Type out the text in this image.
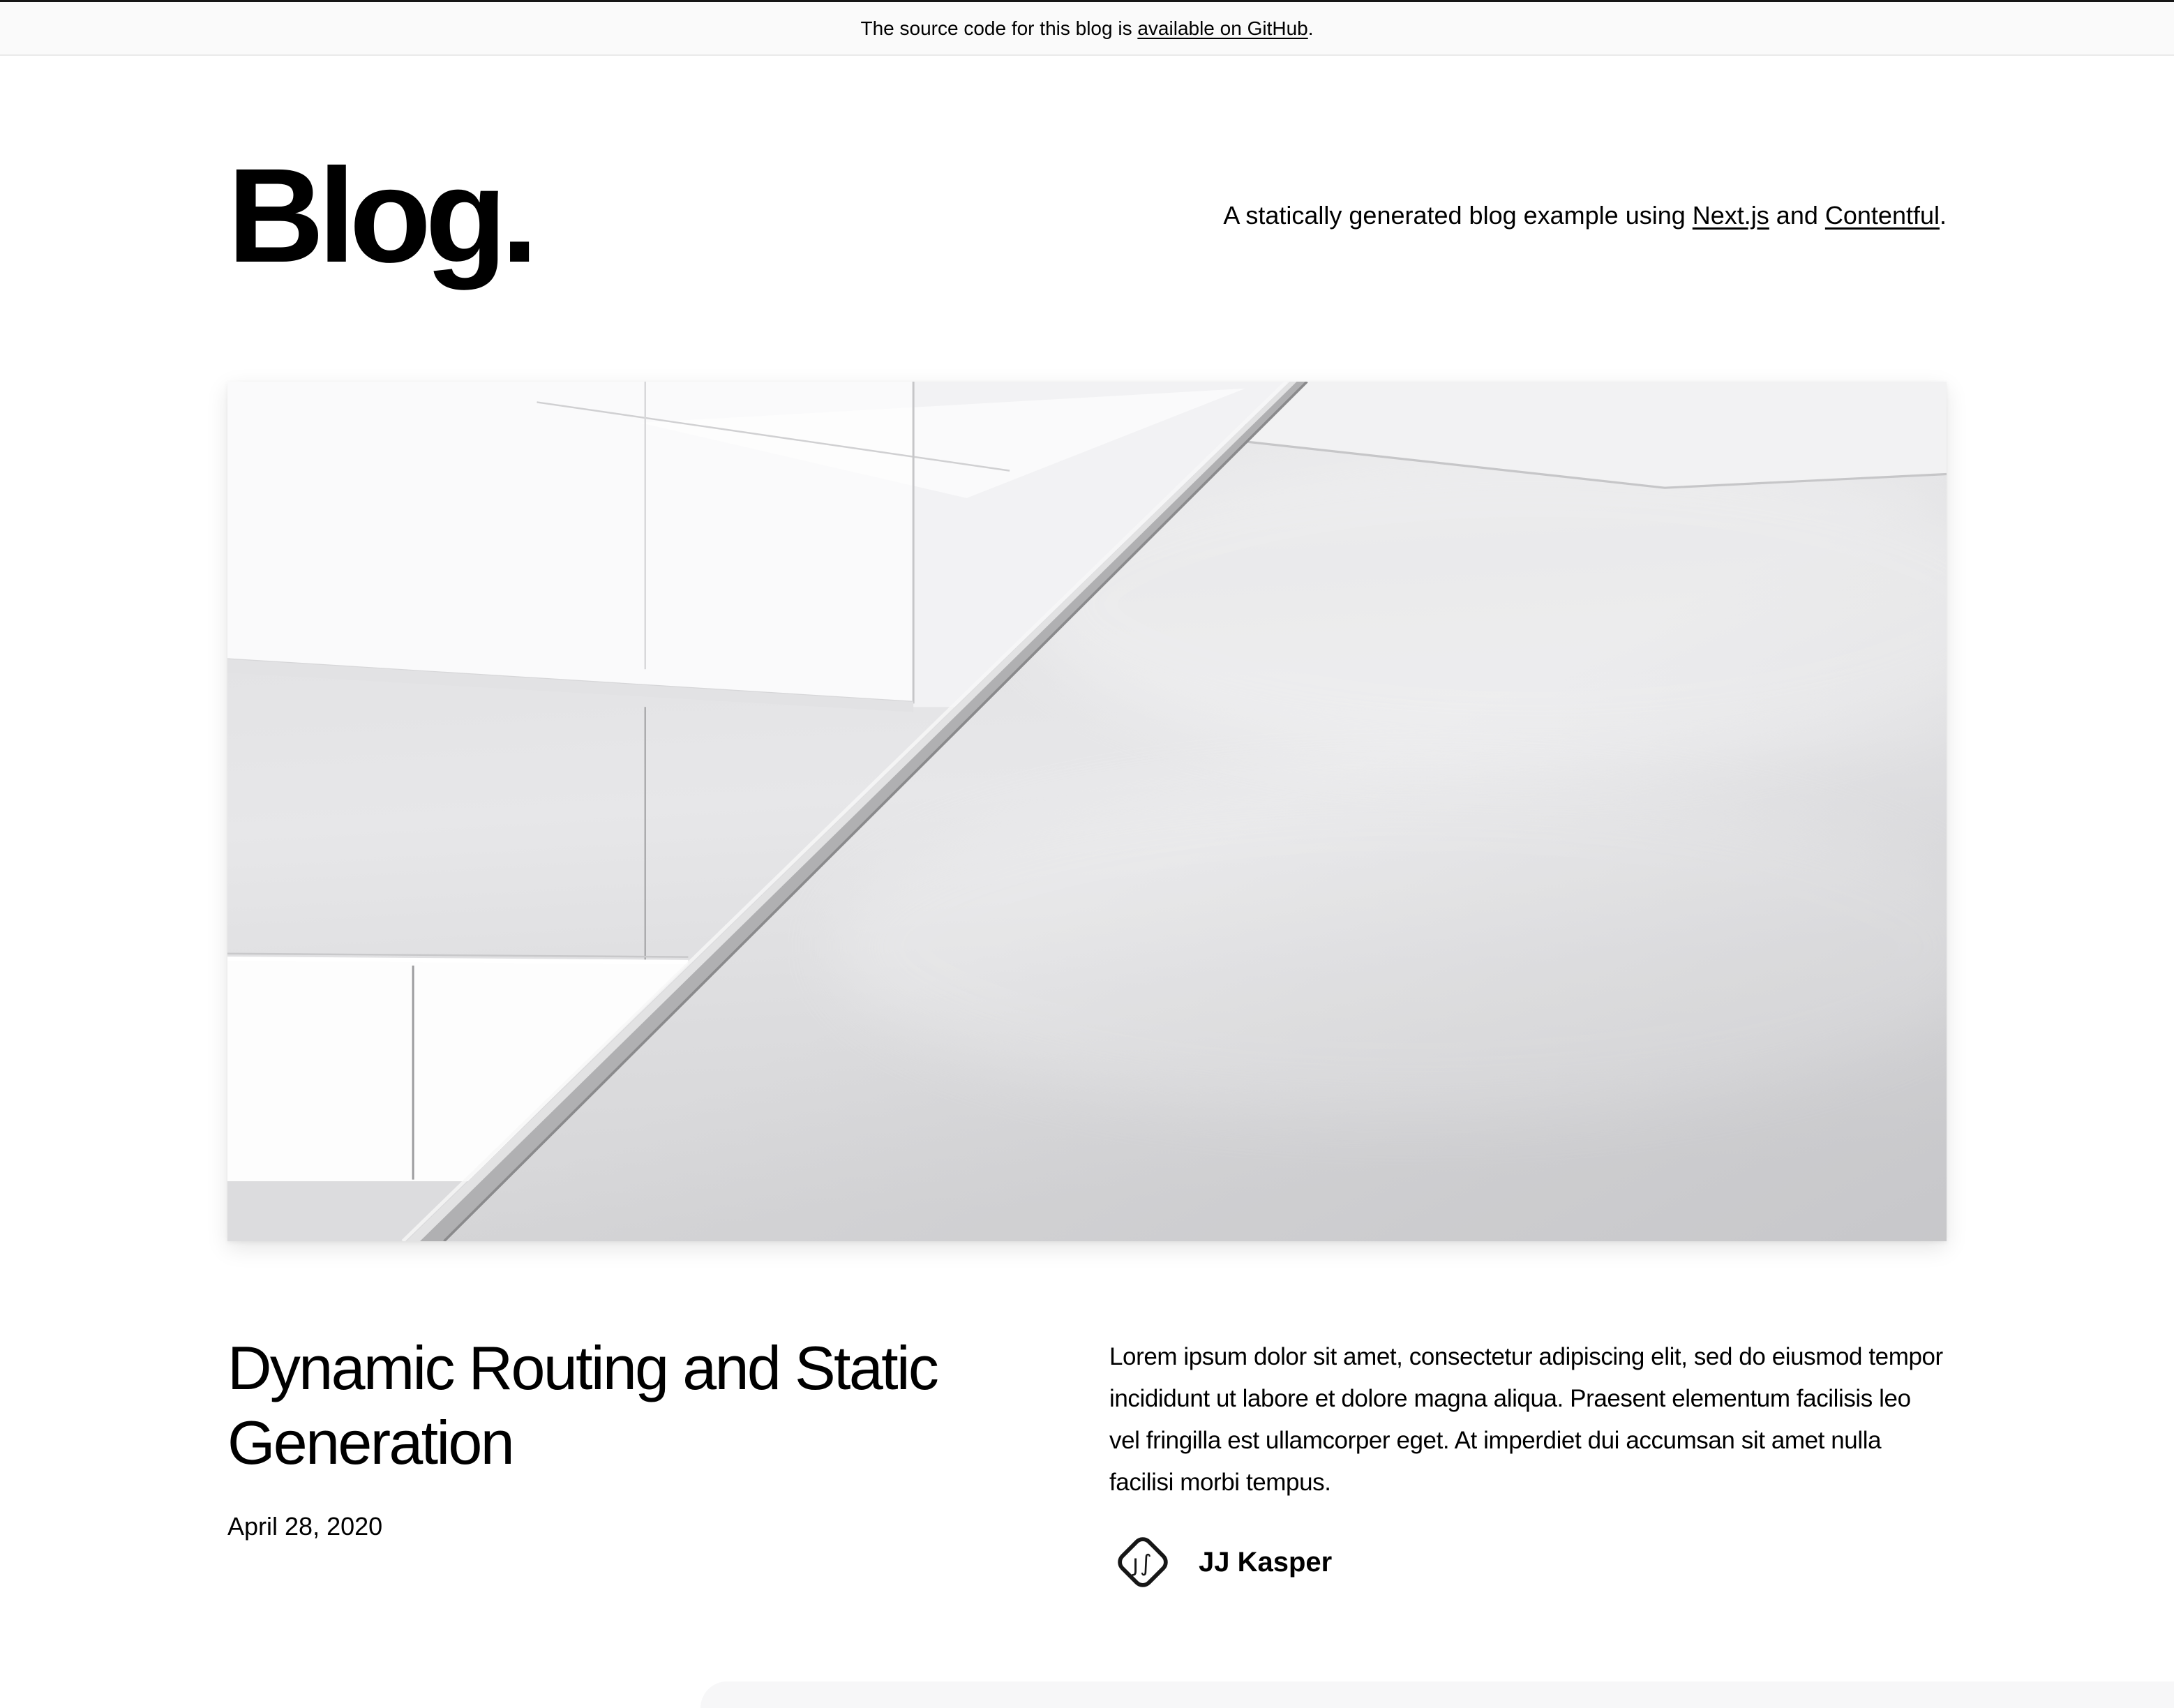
The source code for this blog is available on GitHub.
Blog.	A statically generated blog example using Next.js and Contentful.
Dynamic Routing and Static Generation
April 28, 2020

Lorem ipsum dolor sit amet, consectetur adipiscing elit, sed do eiusmod tempor incididunt ut labore et dolore magna aliqua. Praesent elementum facilisis leo vel fringilla est ullamcorper eget. At imperdiet dui accumsan sit amet nulla facilisi morbi tempus.

ȷ∫ JJ Kasper
